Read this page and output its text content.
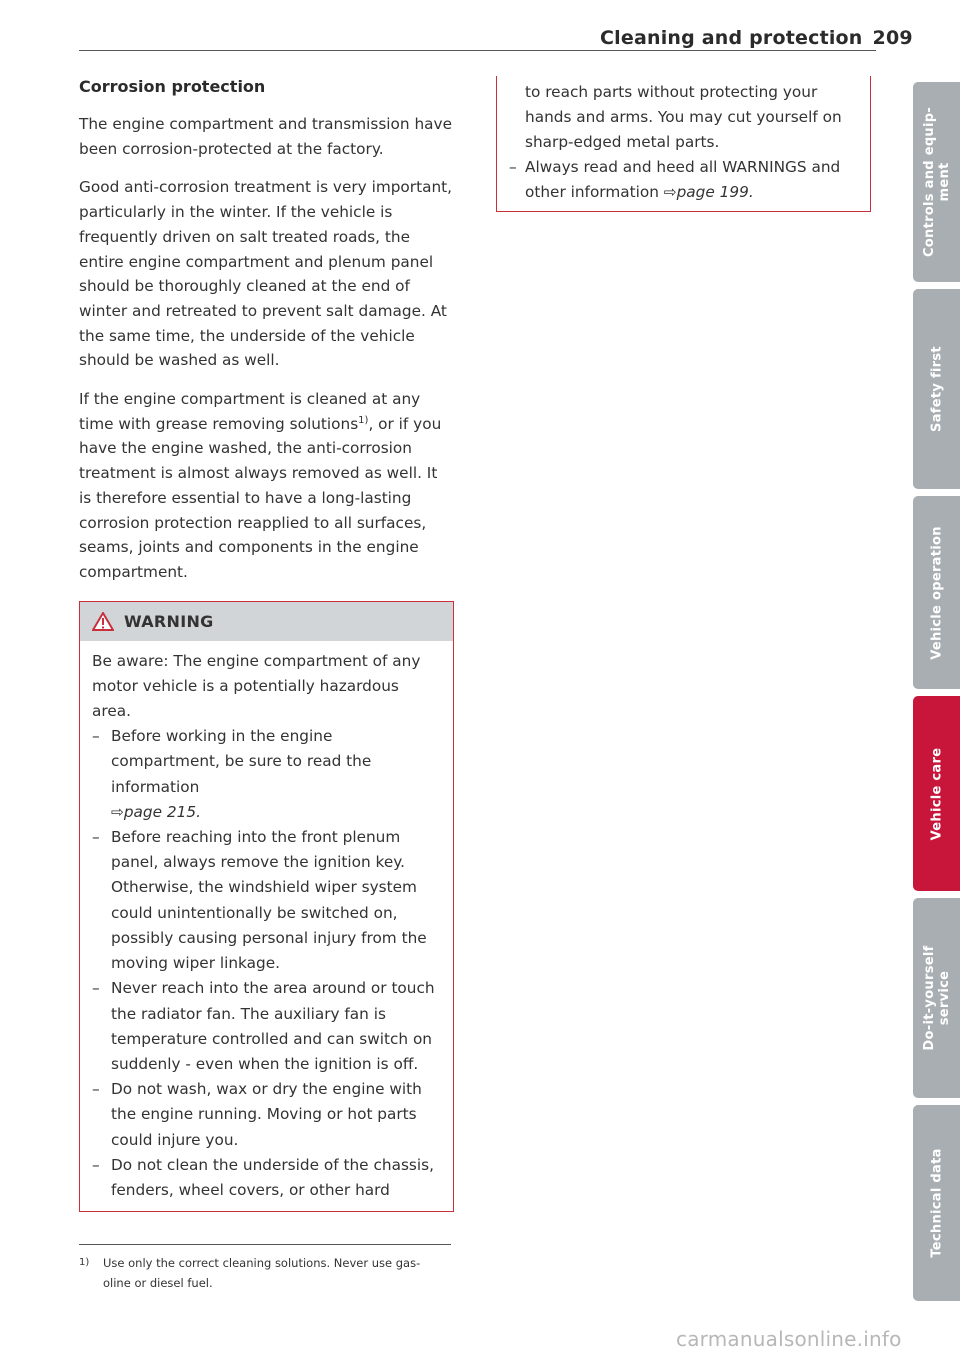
Cleaning and protection 209
Corrosion protection

The engine compartment and transmission have been corrosion-protected at the factory.

Good anti-corrosion treatment is very important, particularly in the winter. If the vehicle is frequently driven on salt treated roads, the entire engine compartment and plenum panel should be thoroughly cleaned at the end of winter and retreated to prevent salt damage. At the same time, the underside of the vehicle should be washed as well.

If the engine compartment is cleaned at any time with grease removing solutions$^{1)}$, or if you have the engine washed, the anti-corrosion treatment is almost always removed as well. It is therefore essential to have a long-lasting corrosion protection reapplied to all surfaces, seams, joints and components in the engine compartment.

WARNING

Be aware: The engine compartment of any motor vehicle is a potentially hazardous area.

– Before working in the engine compartment, be sure to read the information
⇨page 215.
– Before reaching into the front plenum panel, always remove the ignition key. Otherwise, the windshield wiper system could unintentionally be switched on, possibly causing personal injury from the moving wiper linkage.
– Never reach into the area around or touch the radiator fan. The auxiliary fan is temperature controlled and can switch on suddenly - even when the ignition is off.
– Do not wash, wax or dry the engine with the engine running. Moving or hot parts could injure you.
– Do not clean the underside of the chassis, fenders, wheel covers, or other hard
1) Use only the correct cleaning solutions. Never use gas-
oline or diesel fuel.

to reach parts without protecting your hands and arms. You may cut yourself on sharp-edged metal parts.

– Always read and heed all WARNINGS and other information ⇨page 199.	Controls and equip-
ment
Safety first
Vehicle operation
Vehicle care
Do-it-yourself
service
Technical data
carmanualsonline.info
